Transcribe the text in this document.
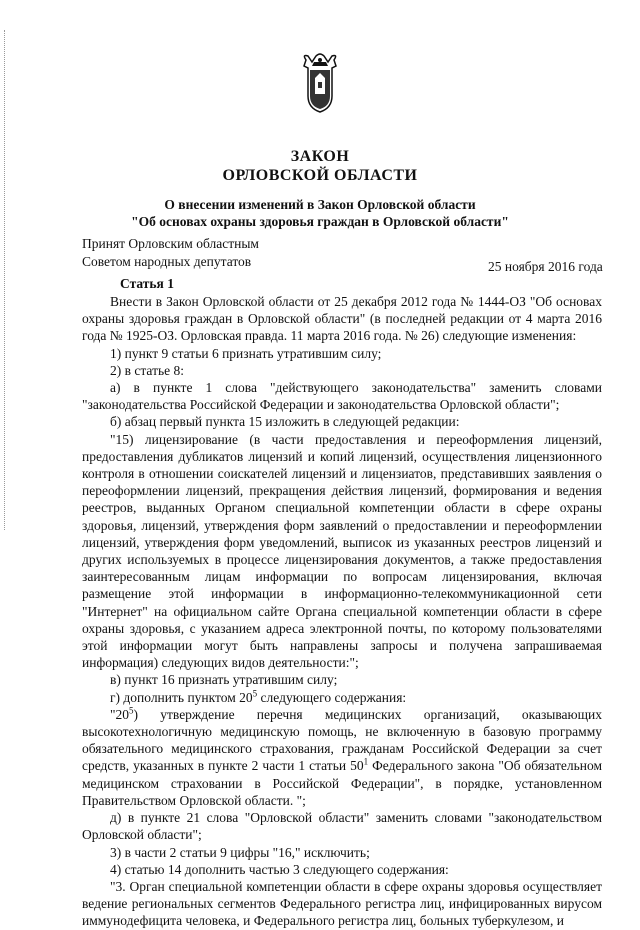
ЗАКОН
ОРЛОВСКОЙ ОБЛАСТИ
О внесении изменений в Закон Орловской области
"Об основах охраны здоровья граждан в Орловской области"
Принят Орловским областным
Советом народных депутатов	25 ноября 2016 года
Статья 1

Внести в Закон Орловской области от 25 декабря 2012 года № 1444-ОЗ "Об основах охраны здоровья граждан в Орловской области" (в последней редакции от 4 марта 2016 года № 1925-ОЗ. Орловская правда. 11 марта 2016 года. № 26) следующие изменения:

1) пункт 9 статьи 6 признать утратившим силу;

2) в статье 8:

а) в пункте 1 слова "действующего законодательства" заменить словами "законодательства Российской Федерации и законодательства Орловской области";

б) абзац первый пункта 15 изложить в следующей редакции:

"15) лицензирование (в части предоставления и переоформления лицензий, предоставления дубликатов лицензий и копий лицензий, осуществления лицензионного контроля в отношении соискателей лицензий и лицензиатов, представивших заявления о переоформлении лицензий, прекращения действия лицензий, формирования и ведения реестров, выданных Органом специальной компетенции области в сфере охраны здоровья, лицензий, утверждения форм заявлений о предоставлении и переоформлении лицензий, утверждения форм уведомлений, выписок из указанных реестров лицензий и других используемых в процессе лицензирования документов, а также предоставления заинтересованным лицам информации по вопросам лицензирования, включая размещение этой информации в информационно-телекоммуникационной сети "Интернет" на официальном сайте Органа специальной компетенции области в сфере охраны здоровья, с указанием адреса электронной почты, по которому пользователями этой информации могут быть направлены запросы и получена запрашиваемая информация) следующих видов деятельности:";

в) пункт 16 признать утратившим силу;

г) дополнить пунктом $20^5$ следующего содержания:

"$20^5$) утверждение перечня медицинских организаций, оказывающих высокотехнологичную медицинскую помощь, не включенную в базовую программу обязательного медицинского страхования, гражданам Российской Федерации за счет средств, указанных в пункте 2 части 1 статьи $50^1$ Федерального закона "Об обязательном медицинском страховании в Российской Федерации", в порядке, установленном Правительством Орловской области. ";

д) в пункте 21 слова "Орловской области" заменить словами "законодательством Орловской области";

3) в части 2 статьи 9 цифры "16," исключить;

4) статью 14 дополнить частью 3 следующего содержания:

"3. Орган специальной компетенции области в сфере охраны здоровья осуществляет ведение региональных сегментов Федерального регистра лиц, инфицированных вирусом иммунодефицита человека, и Федерального регистра лиц, больных туберкулезом, и
